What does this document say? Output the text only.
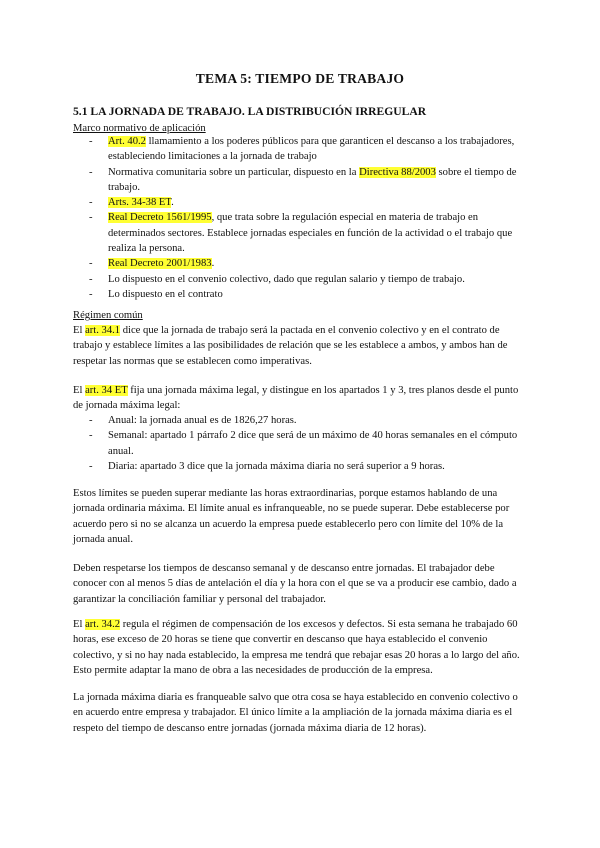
TEMA 5: TIEMPO DE TRABAJO
5.1 LA JORNADA DE TRABAJO. LA DISTRIBUCIÓN IRREGULAR
Marco normativo de aplicación
- Art. 40.2 llamamiento a los poderes públicos para que garanticen el descanso a los trabajadores, estableciendo limitaciones a la jornada de trabajo
- Normativa comunitaria sobre un particular, dispuesto en la Directiva 88/2003 sobre el tiempo de trabajo.
- Arts. 34-38 ET.
- Real Decreto 1561/1995, que trata sobre la regulación especial en materia de trabajo en determinados sectores. Establece jornadas especiales en función de la actividad o el trabajo que realiza la persona.
- Real Decreto 2001/1983.
- Lo dispuesto en el convenio colectivo, dado que regulan salario y tiempo de trabajo.
- Lo dispuesto en el contrato
Régimen común

El art. 34.1 dice que la jornada de trabajo será la pactada en el convenio colectivo y en el contrato de trabajo y establece límites a las posibilidades de relación que se les establece a ambos, y ambos han de respetar las normas que se establecen como imperativas.

El art. 34 ET fija una jornada máxima legal, y distingue en los apartados 1 y 3, tres planos desde el punto de jornada máxima legal:

- Anual: la jornada anual es de 1826,27 horas.
- Semanal: apartado 1 párrafo 2 dice que será de un máximo de 40 horas semanales en el cómputo anual.
- Diaria: apartado 3 dice que la jornada máxima diaria no será superior a 9 horas.

Estos límites se pueden superar mediante las horas extraordinarias, porque estamos hablando de una jornada ordinaria máxima. El límite anual es infranqueable, no se puede superar. Debe establecerse por acuerdo pero si no se alcanza un acuerdo la empresa puede establecerlo pero con límite del 10% de la jornada anual.

Deben respetarse los tiempos de descanso semanal y de descanso entre jornadas. El trabajador debe conocer con al menos 5 días de antelación el día y la hora con el que se va a producir ese cambio, dado a garantizar la conciliación familiar y personal del trabajador.

El art. 34.2 regula el régimen de compensación de los excesos y defectos. Si esta semana he trabajado 60 horas, ese exceso de 20 horas se tiene que convertir en descanso que haya establecido el convenio colectivo, y si no hay nada establecido, la empresa me tendrá que rebajar esas 20 horas a lo largo del año. Esto permite adaptar la mano de obra a las necesidades de producción de la empresa.

La jornada máxima diaria es franqueable salvo que otra cosa se haya establecido en convenio colectivo o en acuerdo entre empresa y trabajador. El único límite a la ampliación de la jornada máxima diaria es el respeto del tiempo de descanso entre jornadas (jornada máxima diaria de 12 horas).
